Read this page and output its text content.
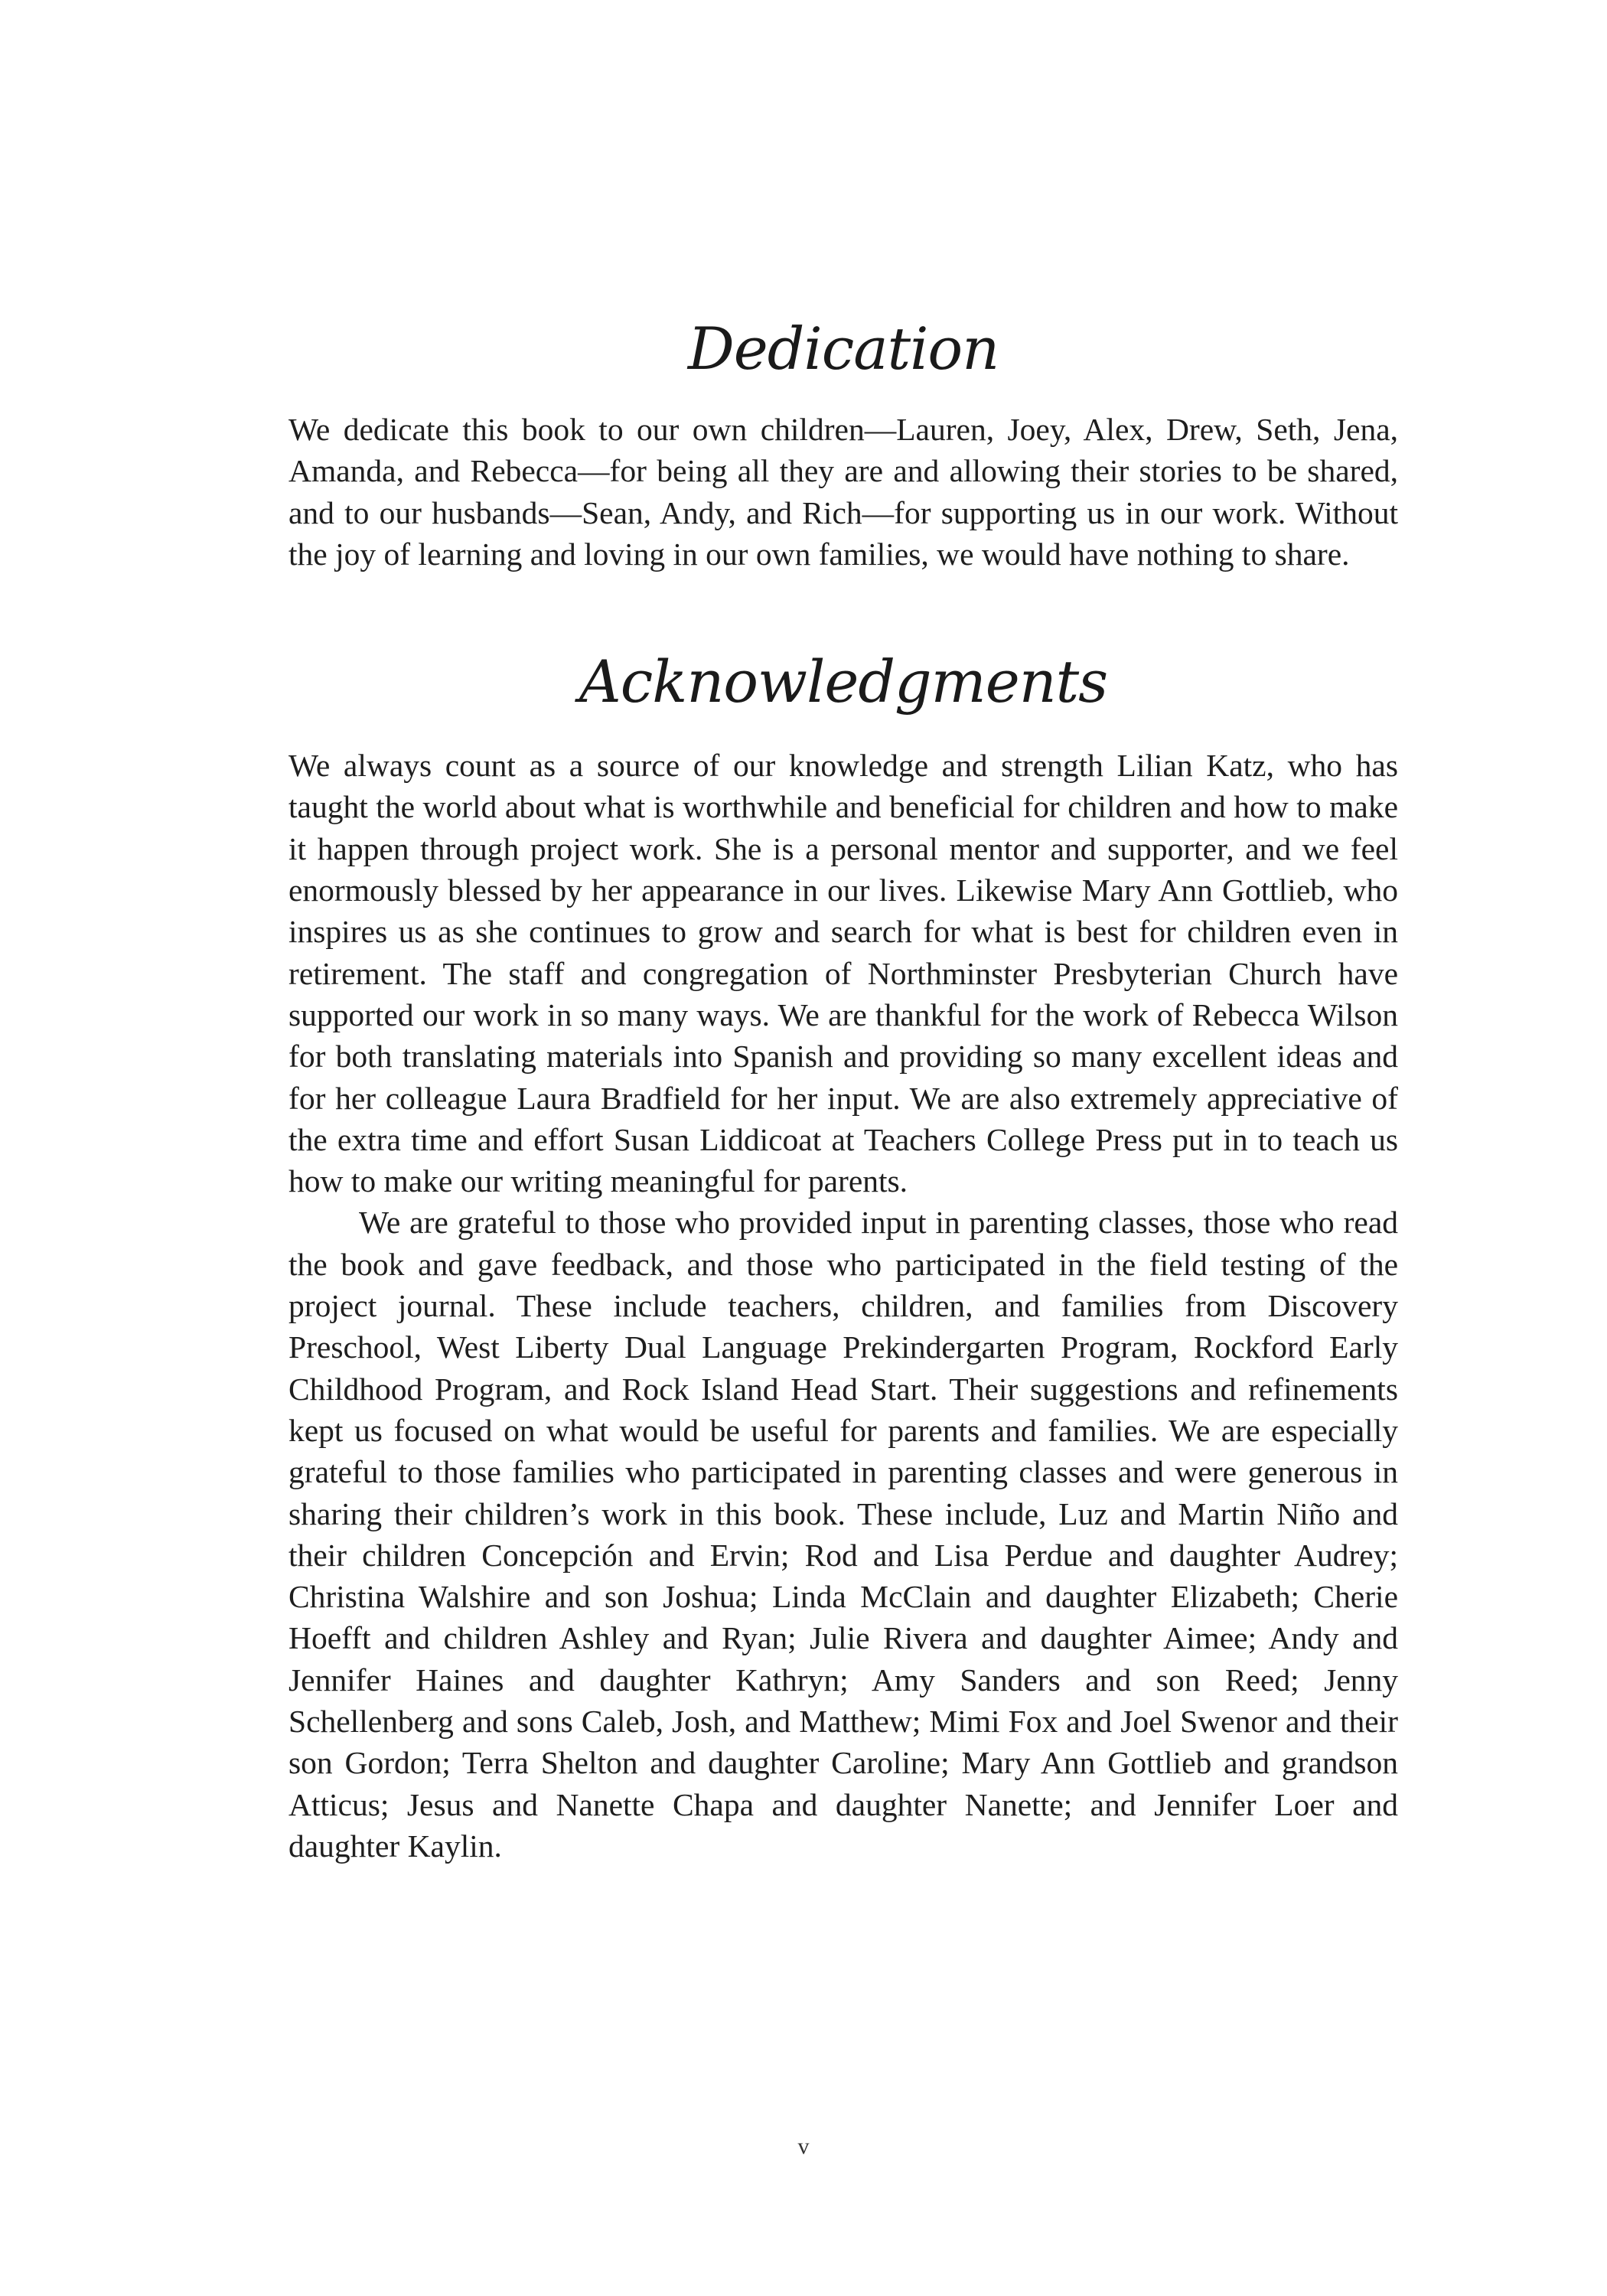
Dedication

We dedicate this book to our own children—Lauren, Joey, Alex, Drew, Seth, Jena, Amanda, and Rebecca—for being all they are and allowing their stories to be shared, and to our husbands—Sean, Andy, and Rich—for supporting us in our work. Without the joy of learning and loving in our own families, we would have nothing to share.

Acknowledgments

We always count as a source of our knowledge and strength Lilian Katz, who has taught the world about what is worthwhile and beneficial for children and how to make it happen through project work. She is a personal mentor and supporter, and we feel enormously blessed by her appearance in our lives. Likewise Mary Ann Gottlieb, who inspires us as she continues to grow and search for what is best for children even in retirement. The staff and congregation of Northminster Presbyterian Church have supported our work in so many ways. We are thankful for the work of Rebecca Wilson for both translating materials into Spanish and providing so many excellent ideas and for her colleague Laura Bradfield for her input. We are also extremely appreciative of the extra time and effort Susan Liddicoat at Teachers College Press put in to teach us how to make our writing meaningful for parents.

We are grateful to those who provided input in parenting classes, those who read the book and gave feedback, and those who participated in the field testing of the project journal. These include teachers, children, and families from Discovery Preschool, West Liberty Dual Language Prekindergarten Program, Rockford Early Childhood Program, and Rock Island Head Start. Their suggestions and refinements kept us focused on what would be useful for parents and families. We are especially grateful to those families who participated in parenting classes and were generous in sharing their children’s work in this book. These include, Luz and Martin Niño and their children Concepción and Ervin; Rod and Lisa Perdue and daughter Audrey; Christina Walshire and son Joshua; Linda McClain and daughter Elizabeth; Cherie Hoefft and children Ashley and Ryan; Julie Rivera and daughter Aimee; Andy and Jennifer Haines and daughter Kathryn; Amy Sanders and son Reed; Jenny Schellenberg and sons Caleb, Josh, and Matthew; Mimi Fox and Joel Swenor and their son Gordon; Terra Shelton and daughter Caroline; Mary Ann Gottlieb and grandson Atticus; Jesus and Nanette Chapa and daughter Nanette; and Jennifer Loer and daughter Kaylin.

v
